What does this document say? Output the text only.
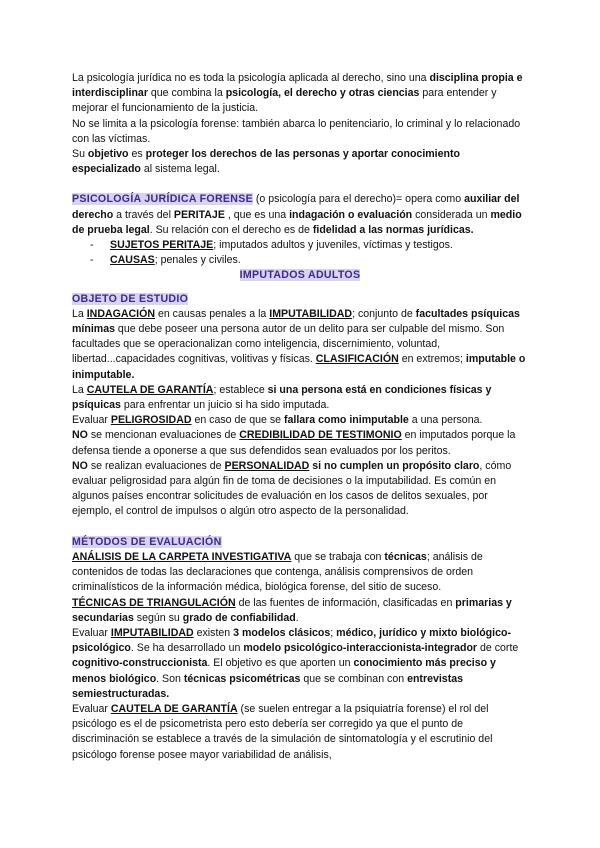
La psicología jurídica no es toda la psicología aplicada al derecho, sino una disciplina propia e interdisciplinar que combina la psicología, el derecho y otras ciencias para entender y mejorar el funcionamiento de la justicia.

No se limita a la psicología forense: también abarca lo penitenciario, lo criminal y lo relacionado con las víctimas.

Su objetivo es proteger los derechos de las personas y aportar conocimiento especializado al sistema legal.

PSICOLOGÍA JURÍDICA FORENSE (o psicología para el derecho)= opera como auxiliar del derecho a través del PERITAJE , que es una indagación o evaluación considerada un medio de prueba legal. Su relación con el derecho es de fidelidad a las normas jurídicas.

- SUJETOS PERITAJE; imputados adultos y juveniles, víctimas y testigos.
- CAUSAS; penales y civiles.

IMPUTADOS ADULTOS

OBJETO DE ESTUDIO

La INDAGACIÓN en causas penales a la IMPUTABILIDAD; conjunto de facultades psíquicas mínimas que debe poseer una persona autor de un delito para ser culpable del mismo. Son facultades que se operacionalizan como inteligencia, discernimiento, voluntad, libertad...capacidades cognitivas, volitivas y físicas. CLASIFICACIÓN en extremos; imputable o inimputable.

La CAUTELA DE GARANTÍA; establece si una persona está en condiciones físicas y psíquicas para enfrentar un juicio si ha sido imputada.

Evaluar PELIGROSIDAD en caso de que se fallara como inimputable a una persona.

NO se mencionan evaluaciones de CREDIBILIDAD DE TESTIMONIO en imputados porque la defensa tiende a oponerse a que sus defendidos sean evaluados por los peritos.

NO se realizan evaluaciones de PERSONALIDAD si no cumplen un propósito claro, cómo evaluar peligrosidad para algún fin de toma de decisiones o la imputabilidad. Es común en algunos países encontrar solicitudes de evaluación en los casos de delitos sexuales, por ejemplo, el control de impulsos o algún otro aspecto de la personalidad.

MÉTODOS DE EVALUACIÓN

ANÁLISIS DE LA CARPETA INVESTIGATIVA que se trabaja con técnicas; análisis de contenidos de todas las declaraciones que contenga, análisis comprensivos de orden criminalísticos de la información médica, biológica forense, del sitio de suceso.

TÉCNICAS DE TRIANGULACIÓN de las fuentes de información, clasificadas en primarias y secundarias según su grado de confiabilidad.

Evaluar IMPUTABILIDAD existen 3 modelos clásicos; médico, jurídico y mixto biológico-psicológico. Se ha desarrollado un modelo psicológico-interaccionista-integrador de corte cognitivo-construccionista. El objetivo es que aporten un conocimiento más preciso y menos biológico. Son técnicas psicométricas que se combinan con entrevistas semiestructuradas.

Evaluar CAUTELA DE GARANTÍA (se suelen entregar a la psiquiatría forense) el rol del psicólogo es el de psicometrista pero esto debería ser corregido ya que el punto de discriminación se establece a través de la simulación de sintomatología y el escrutinio del psicólogo forense posee mayor variabilidad de análisis,
